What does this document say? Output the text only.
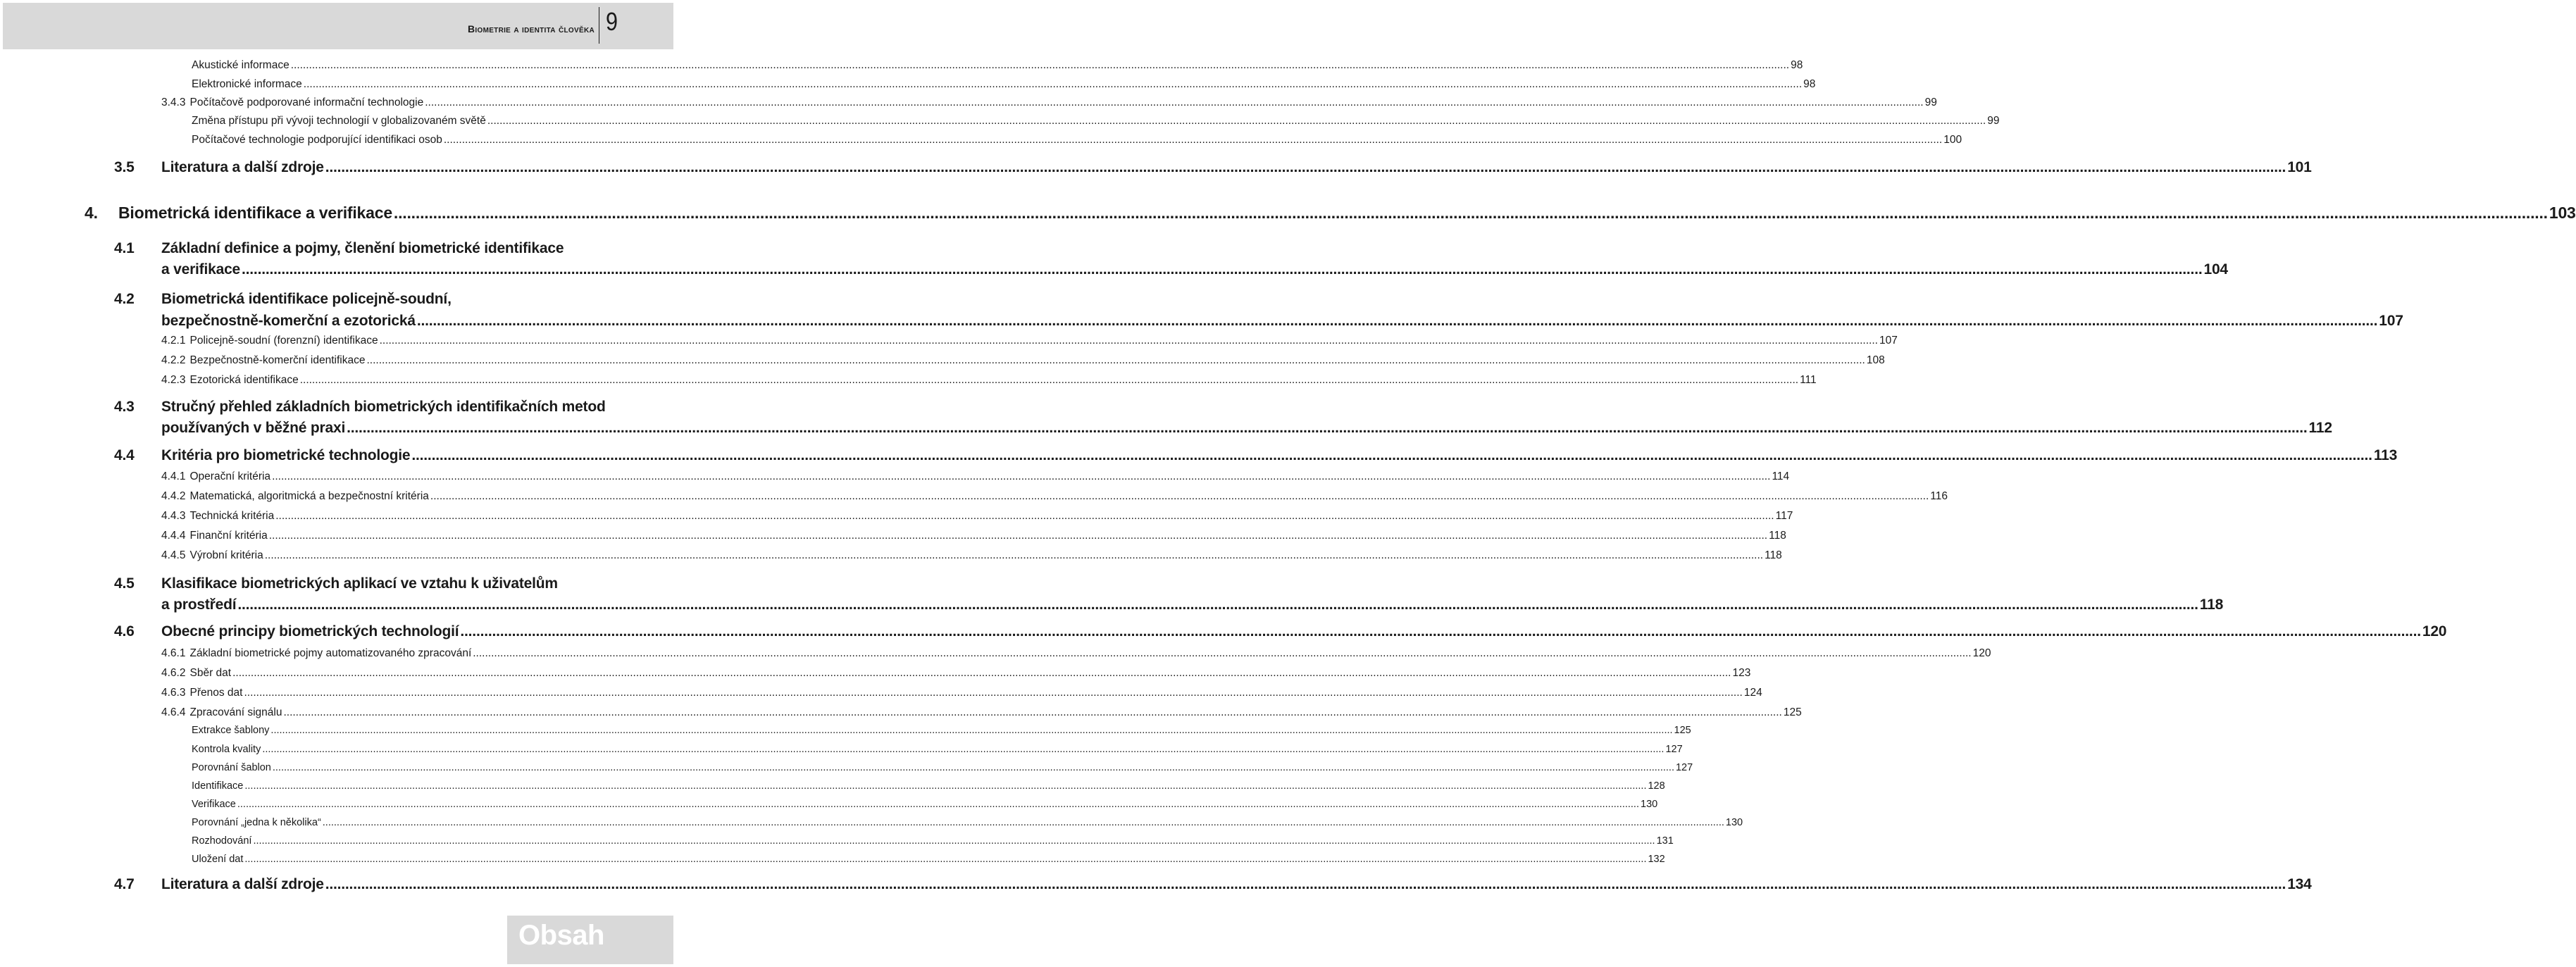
Biometrie a identita člověka 9
Akustické informace .....	98
Elektronické informace .....	98
3.4.3 Počítačově podporované informační technologie .....	99
Změna přístupu při vývoji technologií v globalizovaném světě .....	99
Počítačové technologie podporující identifikaci osob .....	100
3.5	Literatura a další zdroje .....	101
4.	Biometrická identifikace a verifikace .....	103
4.1 Základní definice a pojmy, členění biometrické identifikace
a verifikace .....	104
4.2 Biometrická identifikace policejně-soudní,
bezpečnostně-komerční a ezotorická .....	107
4.2.1 Policejně-soudní (forenzní) identifikace .....	107
4.2.2 Bezpečnostně-komerční identifikace .....	108
4.2.3 Ezotorická identifikace .....	111
4.3 Stručný přehled základních biometrických identifikačních metod
používaných v běžné praxi .....	112
4.4	Kritéria pro biometrické technologie .....	113
4.4.1 Operační kritéria .....	114
4.4.2 Matematická, algoritmická a bezpečnostní kritéria .....	116
4.4.3 Technická kritéria .....	117
4.4.4 Finanční kritéria .....	118
4.4.5 Výrobní kritéria .....	118
4.5 Klasifikace biometrických aplikací ve vztahu k uživatelům
a prostředí .....	118
4.6	Obecné principy biometrických technologií .....	120
4.6.1 Základní biometrické pojmy automatizovaného zpracování .....	120
4.6.2 Sběr dat .....	123
4.6.3 Přenos dat .....	124
4.6.4 Zpracování signálu .....	125
Extrakce šablony .....	125
Kontrola kvality .....	127
Porovnání šablon .....	127
Identifikace .....	128
Verifikace .....	130
Porovnání „jedna k několika“ .....	130
Rozhodování .....	131
Uložení dat .....	132
4.7	Literatura a další zdroje .....	134
Obsah
